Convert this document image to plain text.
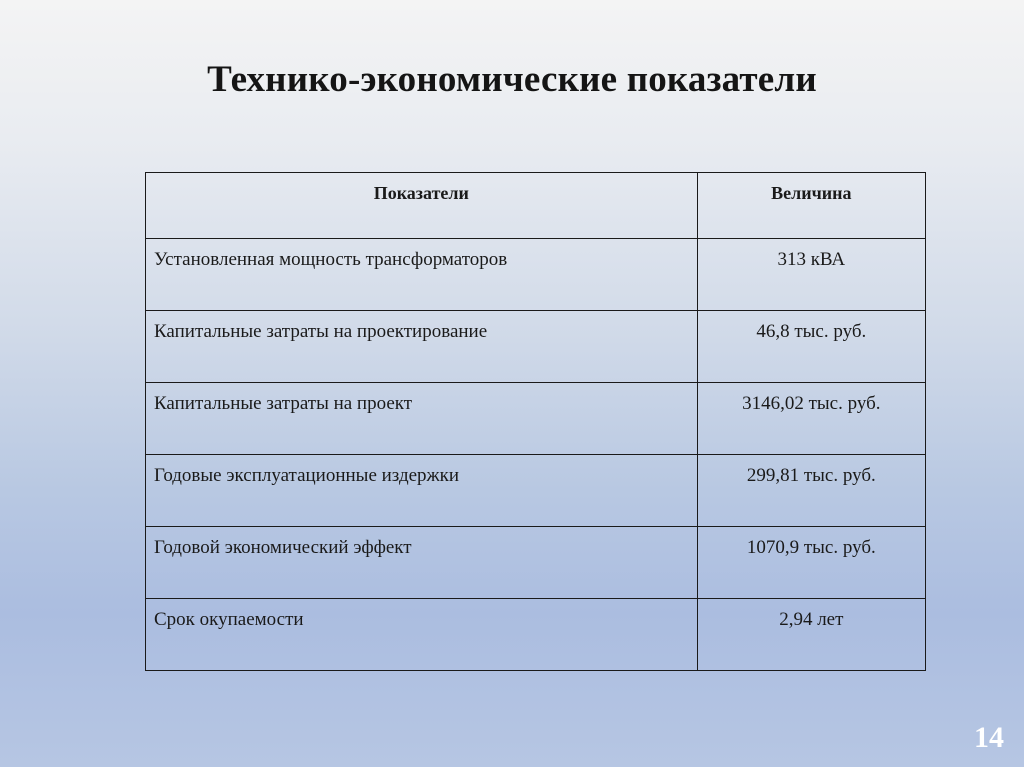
Технико-экономические показатели
Показатели	Величина
Установленная мощность трансформаторов	313 кВА
Капитальные затраты на проектирование	46,8 тыс. руб.
Капитальные затраты на проект	3146,02 тыс. руб.
Годовые эксплуатационные издержки	299,81 тыс. руб.
Годовой экономический эффект	1070,9 тыс. руб.
Срок окупаемости	2,94 лет
14
